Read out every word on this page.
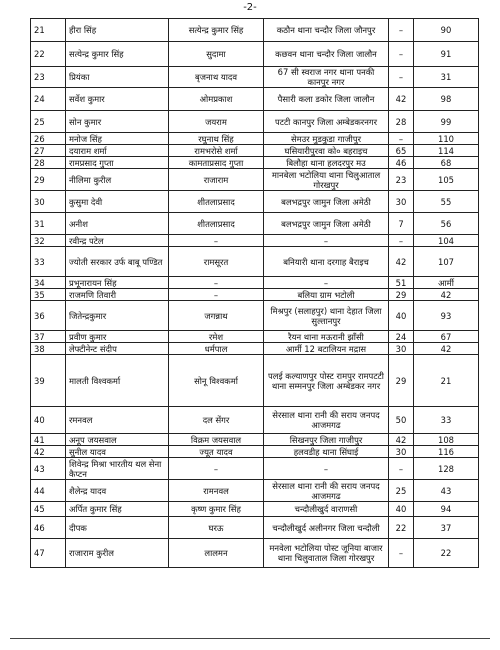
-2-
21	हीरा सिंह	सत्येन्द्र कुमार सिंह	कठौन थाना चन्दौर जिला जौनपुर	–	90
22	सत्येन्द्र कुमार सिंह	सुदामा	कछवन थाना चन्दौर जिला जालौन	–	91
23	प्रियंका	बृजनाथ यादव	67 सी स्वराज नगर थाना पनकी कानपुर नगर	–	31
24	सर्वेश कुमार	ओमप्रकाश	पैसारी कला डकोर जिला जालौन	42	98
25	सोन कुमार	जयराम	पटटी कानपुर जिला अम्बेडकरनगर	28	99
26	मनोज सिंह	रघुनाथ सिंह	सेमउर मुडकुडा गाजीपुर	–	110
27	दयाराम शर्मा	रामभरोसे शर्मा	घसियारीपुरवा को० बहराइच	65	114
28	रामप्रसाद गुप्ता	कामताप्रसाद गुप्ता	बिलौहा थाना हलदरपुर मउ	46	68
29	नीलिमा कुरील	राजाराम	मानबेला भटोलिया थाना चिलुआताल गोरखपुर	23	105
30	कुसुमा देवी	शीतलाप्रसाद	बलभद्रपुर जामुन जिला अमेठी	30	55
31	अनीश	शीतलाप्रसाद	बलभद्रपुर जामुन जिला अमेठी	7	56
32	रवीन्द्र पटेल	–	–	–	104
33	ज्योती सरकार उर्फ बाबू पण्डित	रामसूरत	बनियारी थाना दरगाह बैराइच	42	107
34	प्रभूनारायन सिंह	–	–	51	आर्मी
35	राजमणि तिवारी	–	बलिया ग्राम भटोली	29	42
36	जितेन्द्रकुमार	जगन्नाथ	मिश्रपुर (सलाहपुर) थाना देहात जिला सुल्तानपुर	40	93
37	प्रवीण कुमार	रमेश	रैयन थाना मऊरानी झाँसी	24	67
38	लेफ्टीनेन्ट संदीप	धर्मपाल	आर्मी 12 बटालियन मद्रास	30	42
39	मालती विश्वकर्मा	सोनू विश्वकर्मा	पलई कल्याणपुर पोस्ट रामपुर रामपटटी थाना सम्मनपुर जिला अम्बेडकर नगर	29	21
40	रमनवल	दल सेंगर	सेरसाल थाना रानी की सराय जनपद आजमगढ	50	33
41	अनूप जयसवाल	विक्रम जयसवाल	सिखनपुर जिला गाजीपुर	42	108
42	सुनील यादव	ज्यूत यादव	हलवडीह थाना सिंघाई	30	116
43	शिवेन्द्र मिश्रा भारतीय थल सेना कैप्टन	–	–	–	128
44	शैलेन्द्र यादव	रामनवल	सेरसाल थाना रानी की सराय जनपद आजमगढ	25	43
45	अर्पित कुमार सिंह	कृष्ण कुमार सिंह	चन्दौलीखुर्द वाराणसी	40	94
46	दीपक	घरऊ	चन्दौलीखुर्द अलीनगर जिला चन्दौली	22	37
47	राजाराम कुरील	लालमन	मनवेला भटोलिया पोस्ट जूनिया बाजार थाना चिलुवाताल जिला गोरखपुर	–	22
